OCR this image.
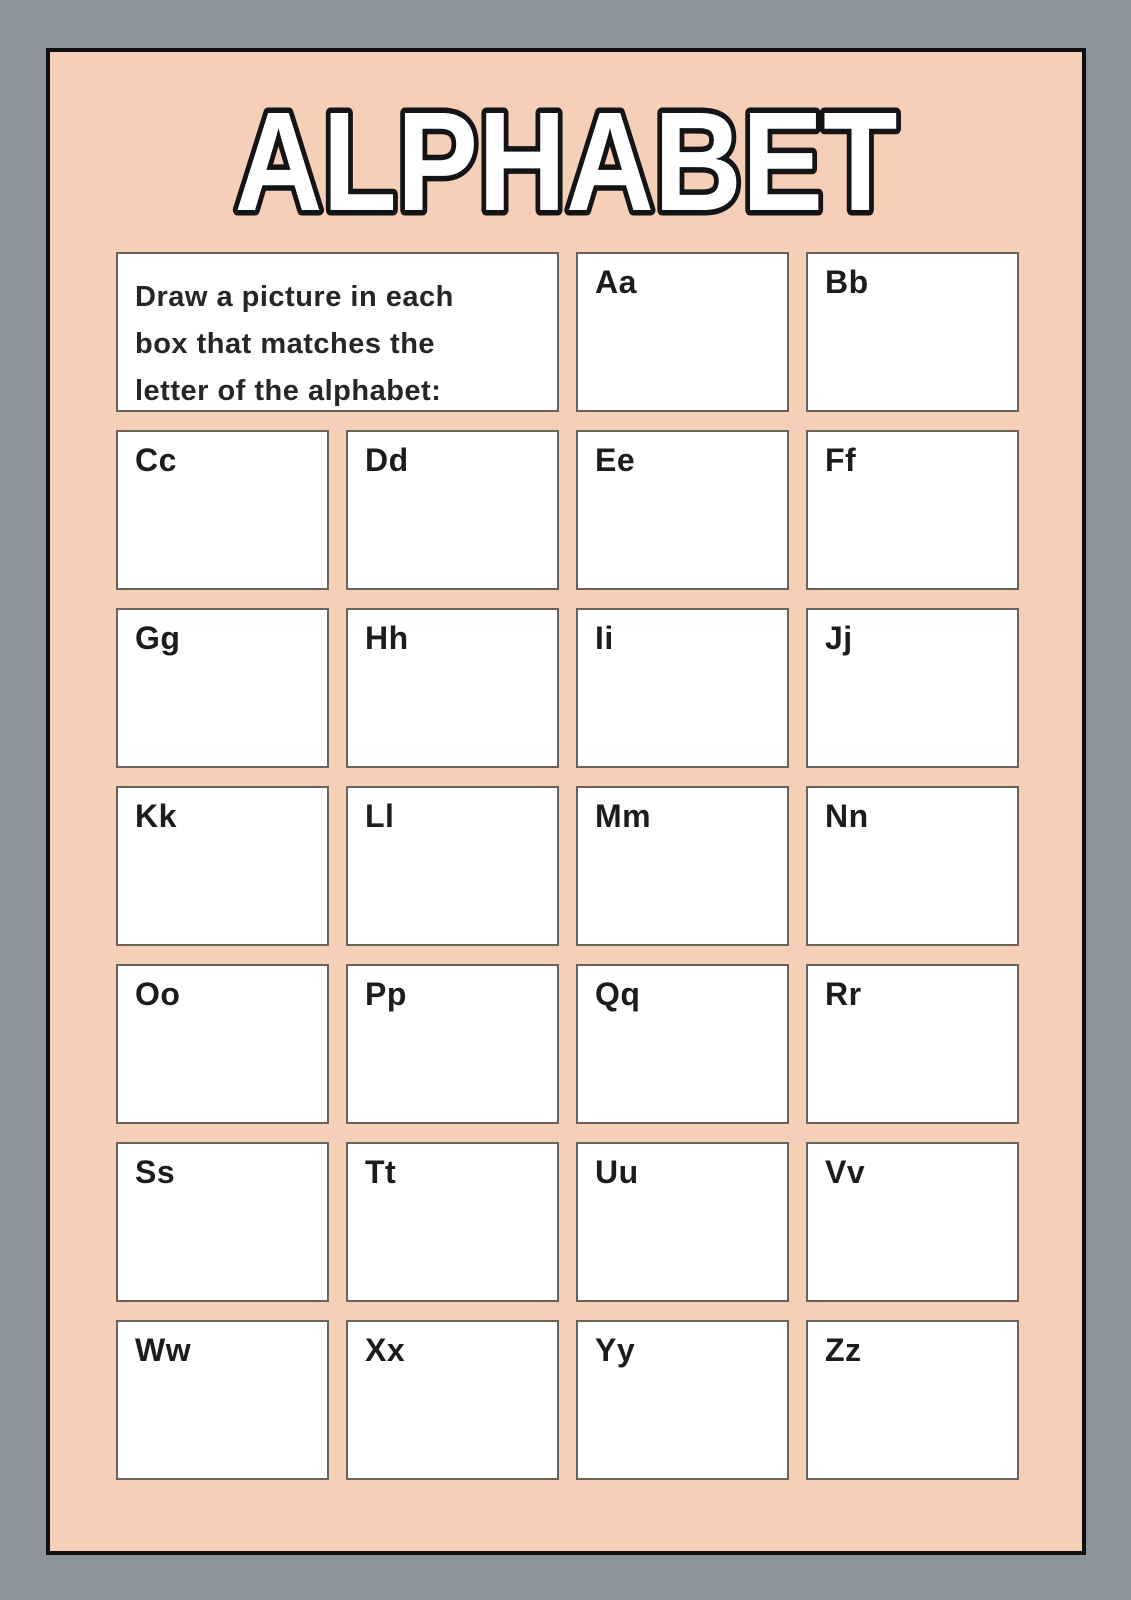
ALPHABET
Draw a picture in each
box that matches the
letter of the alphabet:
Aa	Bb
Cc	Dd	Ee	Ff
Gg	Hh	Ii	Jj
Kk	Ll	Mm	Nn
Oo	Pp	Qq	Rr
Ss	Tt	Uu	Vv
Ww	Xx	Yy	Zz
